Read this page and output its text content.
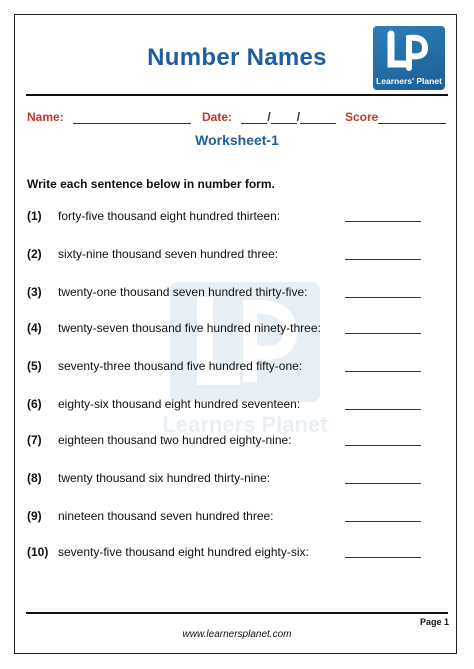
Number Names
Learners' Planet
Name:	Date:	/ /	Score
Worksheet-1
Write each sentence below in number form.
Learners Planet
(1) forty-five thousand eight hundred thirteen:
(2) sixty-nine thousand seven hundred three:
(3) twenty-one thousand seven hundred thirty-five:
(4) twenty-seven thousand five hundred ninety-three:
(5) seventy-three thousand five hundred fifty-one:
(6) eighty-six thousand eight hundred seventeen:
(7) eighteen thousand two hundred eighty-nine:
(8) twenty thousand six hundred thirty-nine:
(9) nineteen thousand seven hundred three:
(10) seventy-five thousand eight hundred eighty-six:
Page 1
www.learnersplanet.com
